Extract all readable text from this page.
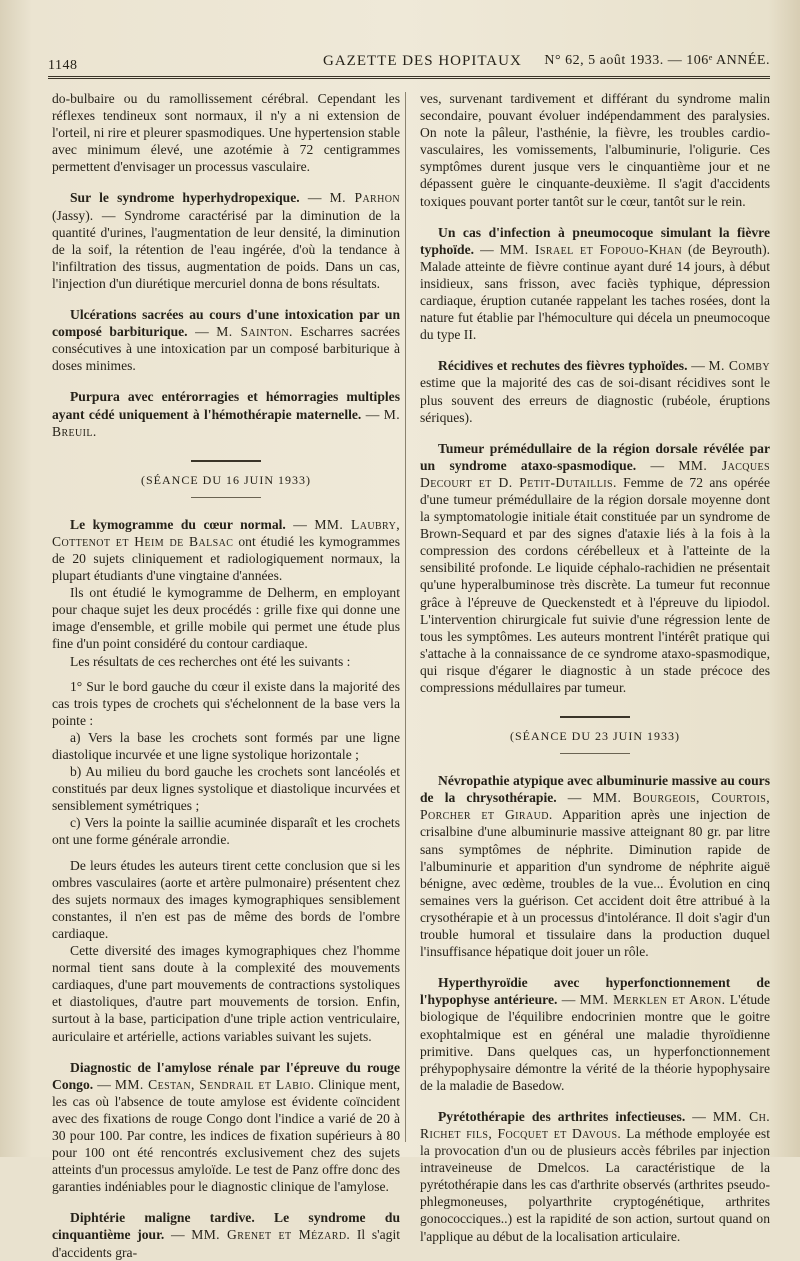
1148	GAZETTE DES HOPITAUX N° 62, 5 août 1933. — 106ᵉ ANNÉE.

do-bulbaire ou du ramollissement cérébral. Cependant les réflexes tendineux sont normaux, il n'y a ni extension de l'orteil, ni rire et pleurer spasmodiques. Une hypertension stable avec minimum élevé, une azotémie à 72 centigrammes permettent d'envisager un processus vasculaire.

Sur le syndrome hyperhydropexique. — M. Parhon (Jassy). — Syndrome caractérisé par la diminution de la quantité d'urines, l'augmentation de leur densité, la diminution de la soif, la rétention de l'eau ingérée, d'où la tendance à l'infiltration des tissus, augmentation de poids. Dans un cas, l'injection d'un diurétique mercuriel donna de bons résultats.

Ulcérations sacrées au cours d'une intoxication par un composé barbiturique. — M. Sainton. Escharres sacrées consécutives à une intoxication par un composé barbiturique à doses minimes.

Purpura avec entérorragies et hémorragies multiples ayant cédé uniquement à l'hémothérapie maternelle. — M. Breuil.

(SÉANCE DU 16 JUIN 1933)

Le kymogramme du cœur normal. — MM. Laubry, Cottenot et Heim de Balsac ont étudié les kymogrammes de 20 sujets cliniquement et radiologiquement normaux, la plupart étudiants d'une vingtaine d'années.

Ils ont étudié le kymogramme de Delherm, en employant pour chaque sujet les deux procédés : grille fixe qui donne une image d'ensemble, et grille mobile qui permet une étude plus fine d'un point considéré du contour cardiaque.

Les résultats de ces recherches ont été les suivants :

1° Sur le bord gauche du cœur il existe dans la majorité des cas trois types de crochets qui s'échelonnent de la base vers la pointe :

a) Vers la base les crochets sont formés par une ligne diastolique incurvée et une ligne systolique horizontale ;

b) Au milieu du bord gauche les crochets sont lancéolés et constitués par deux lignes systolique et diastolique incurvées et sensiblement symétriques ;

c) Vers la pointe la saillie acuminée disparaît et les crochets ont une forme générale arrondie.

De leurs études les auteurs tirent cette conclusion que si les ombres vasculaires (aorte et artère pulmonaire) présentent chez des sujets normaux des images kymographiques sensiblement constantes, il n'en est pas de même des bords de l'ombre cardiaque.

Cette diversité des images kymographiques chez l'homme normal tient sans doute à la complexité des mouvements cardiaques, d'une part mouvements de contractions systoliques et diastoliques, d'autre part mouvements de torsion. Enfin, surtout à la base, participation d'une triple action ventriculaire, auriculaire et artérielle, actions variables suivant les sujets.

Diagnostic de l'amylose rénale par l'épreuve du rouge Congo. — MM. Cestan, Sendrail et Labio. Clinique ment, les cas où l'absence de toute amylose est évidente coïncident avec des fixations de rouge Congo dont l'indice a varié de 20 à 30 pour 100. Par contre, les indices de fixation supérieurs à 80 pour 100 ont été rencontrés exclusivement chez des sujets atteints d'un processus amyloïde. Le test de Panz offre donc des garanties indéniables pour le diagnostic clinique de l'amylose.

Diphtérie maligne tardive. Le syndrome du cinquantième jour. — MM. Grenet et Mézard. Il s'agit d'accidents gra-

ves, survenant tardivement et différant du syndrome malin secondaire, pouvant évoluer indépendamment des paralysies. On note la pâleur, l'asthénie, la fièvre, les troubles cardio-vasculaires, les vomissements, l'albuminurie, l'oligurie. Ces symptômes durent jusque vers le cinquantième jour et ne dépassent guère le cinquante-deuxième. Il s'agit d'accidents toxiques pouvant porter tantôt sur le cœur, tantôt sur le rein.

Un cas d'infection à pneumocoque simulant la fièvre typhoïde. — MM. Israel et Fopouo-Khan (de Beyrouth). Malade atteinte de fièvre continue ayant duré 14 jours, à début insidieux, sans frisson, avec faciès typhique, dépression cardiaque, éruption cutanée rappelant les taches rosées, dont la nature fut établie par l'hémoculture qui décela un pneumocoque du type II.

Récidives et rechutes des fièvres typhoïdes. — M. Comby estime que la majorité des cas de soi-disant récidives sont le plus souvent des erreurs de diagnostic (rubéole, éruptions sériques).

Tumeur prémédullaire de la région dorsale révélée par un syndrome ataxo-spasmodique. — MM. Jacques Decourt et D. Petit-Dutaillis. Femme de 72 ans opérée d'une tumeur prémédullaire de la région dorsale moyenne dont la symptomatologie initiale était constituée par un syndrome de Brown-Sequard et par des signes d'ataxie liés à la fois à la compression des cordons cérébelleux et à l'atteinte de la sensibilité profonde. Le liquide céphalo-rachidien ne présentait qu'une hyperalbuminose très discrète. La tumeur fut reconnue grâce à l'épreuve de Queckenstedt et à l'épreuve du lipiodol. L'intervention chirurgicale fut suivie d'une régression lente de tous les symptômes. Les auteurs montrent l'intérêt pratique qui s'attache à la connaissance de ce syndrome ataxo-spasmodique, qui risque d'égarer le diagnostic à un stade précoce des compressions médullaires par tumeur.

(SÉANCE DU 23 JUIN 1933)

Névropathie atypique avec albuminurie massive au cours de la chrysothérapie. — MM. Bourgeois, Courtois, Porcher et Giraud. Apparition après une injection de crisalbine d'une albuminurie massive atteignant 80 gr. par litre sans symptômes de néphrite. Diminution rapide de l'albuminurie et apparition d'un syndrome de néphrite aiguë bénigne, avec œdème, troubles de la vue... Évolution en cinq semaines vers la guérison. Cet accident doit être attribué à la crysothérapie et à un processus d'intolérance. Il doit s'agir d'un trouble humoral et tissulaire dans la production duquel l'insuffisance hépatique doit jouer un rôle.

Hyperthyroïdie avec hyperfonctionnement de l'hypophyse antérieure. — MM. Merklen et Aron. L'étude biologique de l'équilibre endocrinien montre que le goitre exophtalmique est en général une maladie thyroïdienne primitive. Dans quelques cas, un hyperfonctionnement préhypophysaire démontre la vérité de la théorie hypophysaire de la maladie de Basedow.

Pyrétothérapie des arthrites infectieuses. — MM. Ch. Richet fils, Focquet et Davous. La méthode employée est la provocation d'un ou de plusieurs accès fébriles par injection intraveineuse de Dmelcos. La caractéristique de la pyrétothérapie dans les cas d'arthrite observés (arthrites pseudo-phlegmoneuses, polyarthrite cryptogénétique, arthrites gonococciques..) est la rapidité de son action, surtout quand on l'applique au début de la localisation articulaire.
